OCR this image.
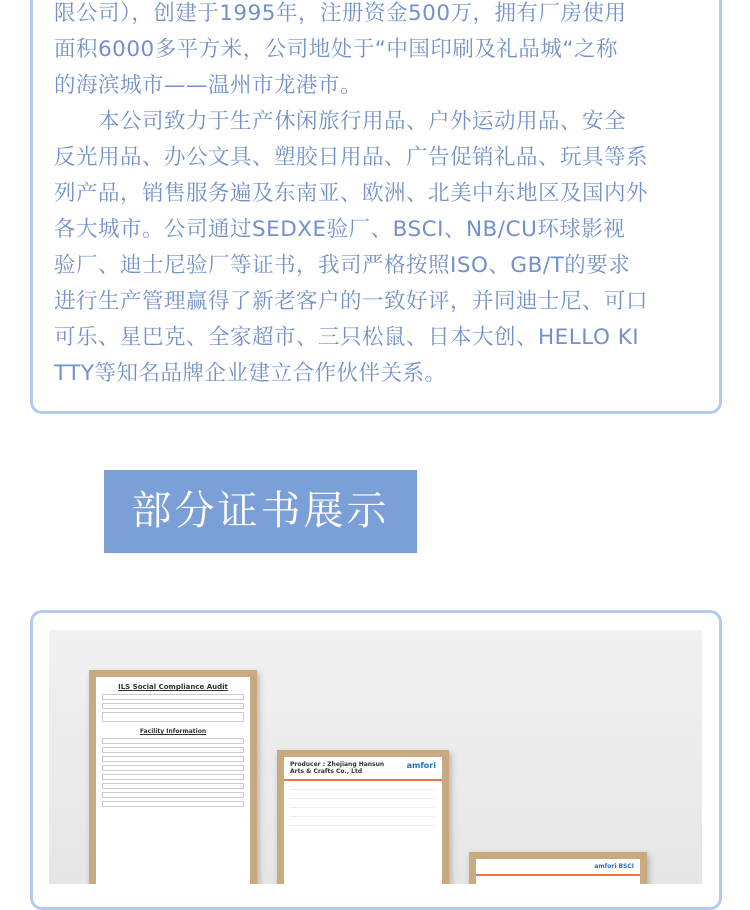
限公司），创建于1995年，注册资金500万，拥有厂房使用
面积6000多平方米，公司地处于“中国印刷及礼品城“之称
的海滨城市——温州市龙港市。
　　本公司致力于生产休闲旅行用品、户外运动用品、安全
反光用品、办公文具、塑胶日用品、广告促销礼品、玩具等系
列产品，销售服务遍及东南亚、欧洲、北美中东地区及国内外
各大城市。公司通过SEDXE验厂、BSCI、NB/CU环球影视
验厂、迪士尼验厂等证书，我司严格按照ISO、GB/T的要求
进行生产管理赢得了新老客户的一致好评，并同迪士尼、可口
可乐、星巴克、全家超市、三只松鼠、日本大创、HELLO KI
TTY等知名品牌企业建立合作伙伴关系。
部分证书展示
ILS Social Compliance Audit
Facility Information
Producer : Zhejiang Hansun Arts & Crafts Co., Ltd
amfori
amfori BSCI
